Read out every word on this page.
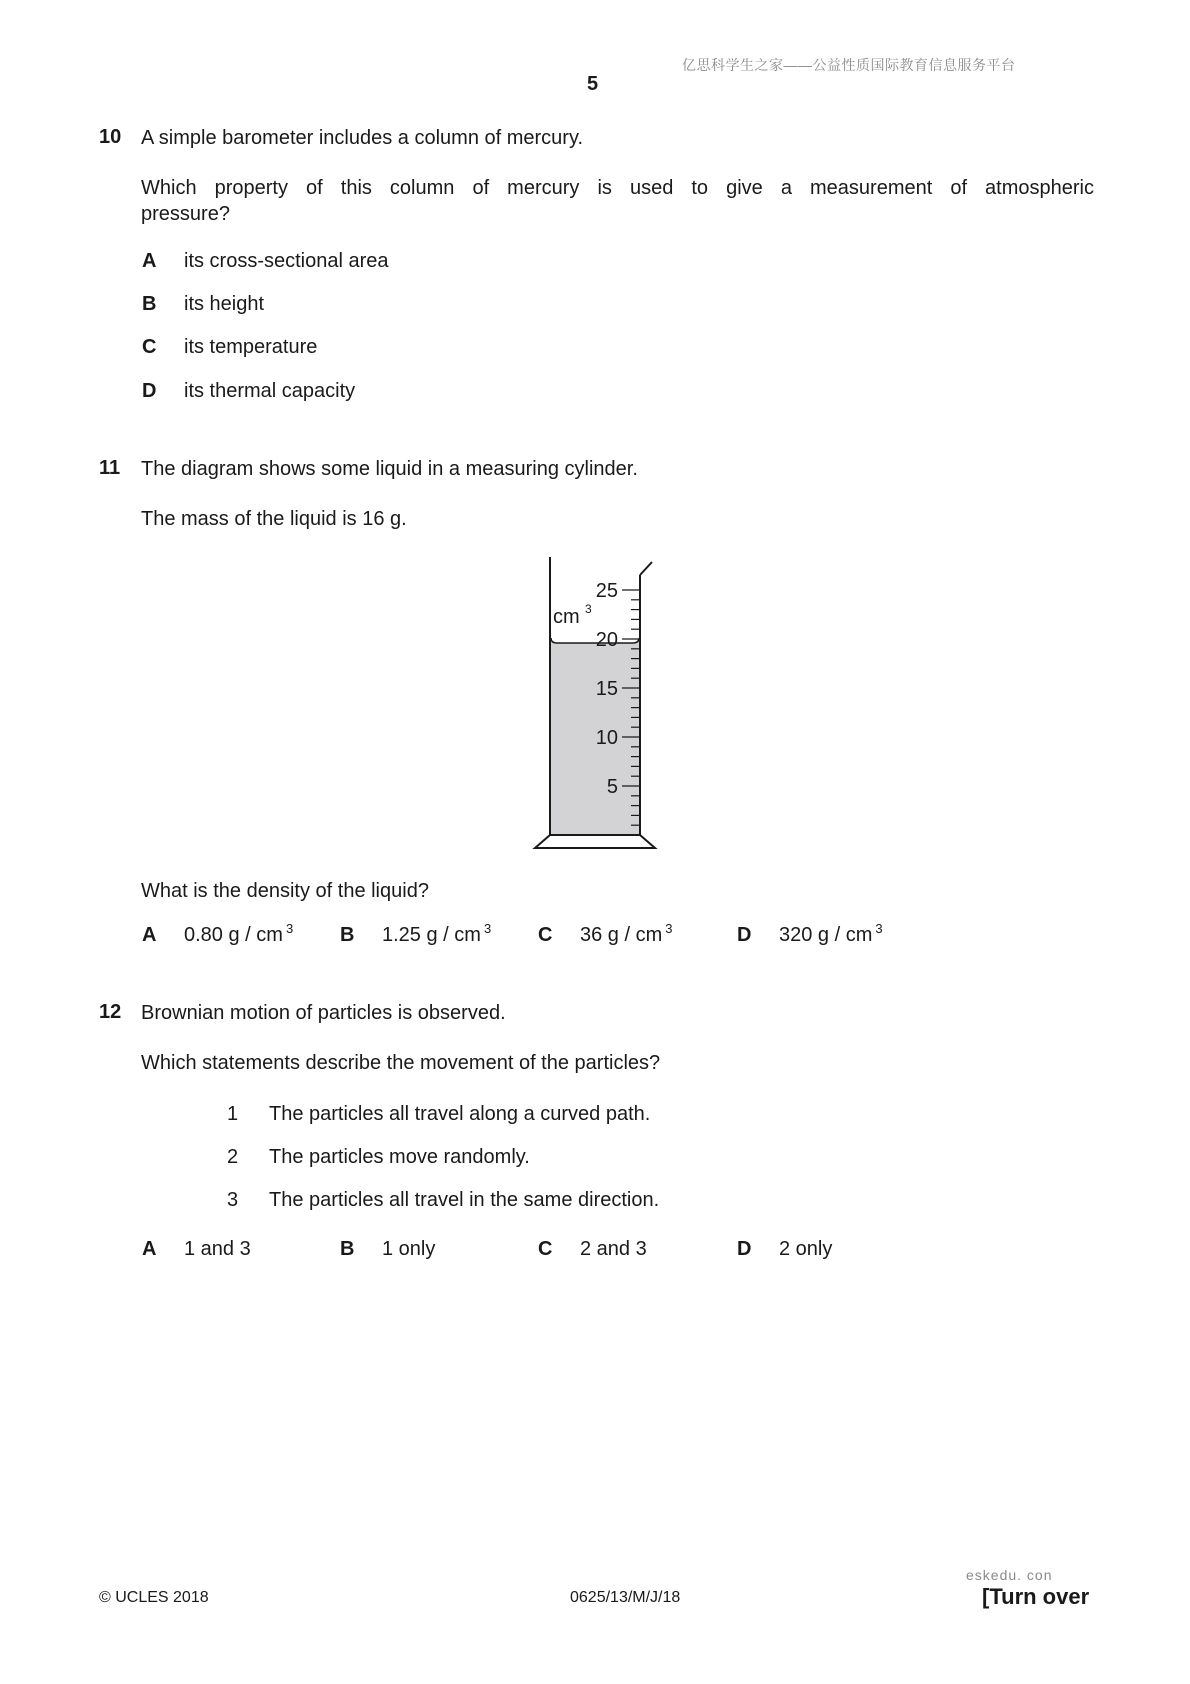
亿思科学生之家——公益性质国际教育信息服务平台
5
10 A simple barometer includes a column of mercury.
Which property of this column of mercury is used to give a measurement of atmospheric
pressure?
A its cross-sectional area
B its height
C its temperature
D its thermal capacity
11 The diagram shows some liquid in a measuring cylinder.
The mass of the liquid is 16 g.
25
20
15
10
5
cm 3
What is the density of the liquid?
A 0.80 g / cm $^3$ B 1.25 g / cm $^3$ C 36 g / cm $^3$	D 320 g / cm $^3$
12 Brownian motion of particles is observed.
Which statements describe the movement of the particles?
1 The particles all travel along a curved path.
2 The particles move randomly.
3 The particles all travel in the same direction.
A 1 and 3	B 1 only	C 2 and 3	D 2 only
© UCLES 2018	0625/13/M/J/18
eskedu. con
[Turn over
